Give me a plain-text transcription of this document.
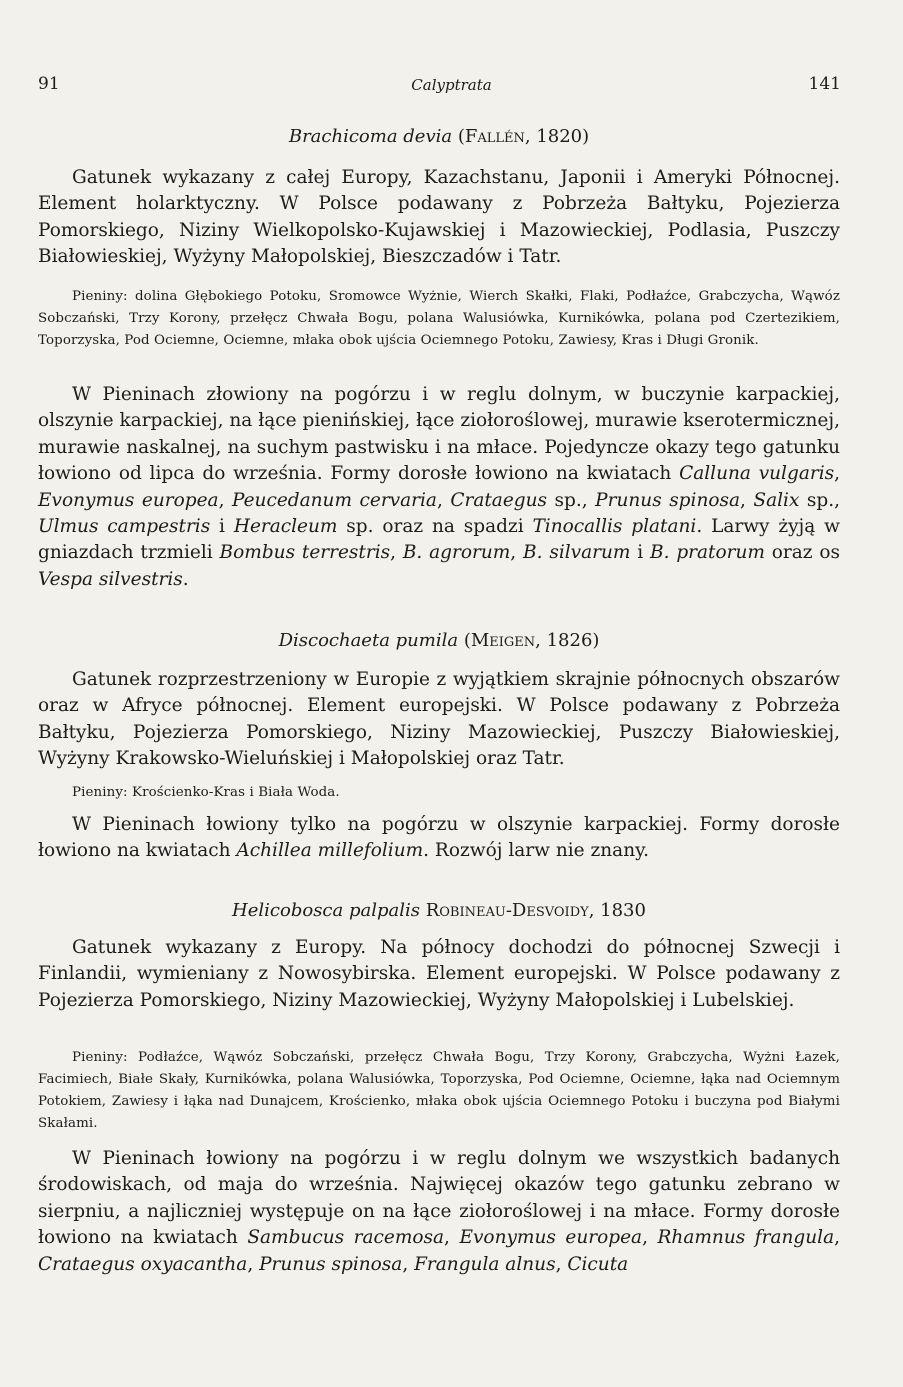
91	Calyptrata	141
Brachicoma devia (Fallén, 1820)

Gatunek wykazany z całej Europy, Kazachstanu, Japonii i Ameryki Północnej. Element holarktyczny. W Polsce podawany z Pobrzeża Bałtyku, Pojezierza Pomorskiego, Niziny Wielkopolsko-Kujawskiej i Mazowieckiej, Podlasia, Puszczy Białowieskiej, Wyżyny Małopolskiej, Bieszczadów i Tatr.

Pieniny: dolina Głębokiego Potoku, Sromowce Wyżnie, Wierch Skałki, Flaki, Podłaźce, Grabczycha, Wąwóz Sobczański, Trzy Korony, przełęcz Chwała Bogu, polana Walusiówka, Kurnikówka, polana pod Czertezikiem, Toporzyska, Pod Ociemne, Ociemne, młaka obok ujścia Ociemnego Potoku, Zawiesy, Kras i Długi Gronik.

W Pieninach złowiony na pogórzu i w reglu dolnym, w buczynie karpackiej, olszynie karpackiej, na łące pienińskiej, łące ziołoroślowej, murawie kserotermicznej, murawie naskalnej, na suchym pastwisku i na młace. Pojedyncze okazy tego gatunku łowiono od lipca do września. Formy dorosłe łowiono na kwiatach Calluna vulgaris, Evonymus europea, Peucedanum cervaria, Crataegus sp., Prunus spinosa, Salix sp., Ulmus campestris i Heracleum sp. oraz na spadzi Tinocallis platani. Larwy żyją w gniazdach trzmieli Bombus terrestris, B. agrorum, B. silvarum i B. pratorum oraz os Vespa silvestris.

Discochaeta pumila (Meigen, 1826)

Gatunek rozprzestrzeniony w Europie z wyjątkiem skrajnie północnych obszarów oraz w Afryce północnej. Element europejski. W Polsce podawany z Pobrzeża Bałtyku, Pojezierza Pomorskiego, Niziny Mazowieckiej, Puszczy Białowieskiej, Wyżyny Krakowsko-Wieluńskiej i Małopolskiej oraz Tatr.

Pieniny: Krościenko-Kras i Biała Woda.

W Pieninach łowiony tylko na pogórzu w olszynie karpackiej. Formy dorosłe łowiono na kwiatach Achillea millefolium. Rozwój larw nie znany.

Helicobosca palpalis Robineau-Desvoidy, 1830

Gatunek wykazany z Europy. Na północy dochodzi do północnej Szwecji i Finlandii, wymieniany z Nowosybirska. Element europejski. W Polsce podawany z Pojezierza Pomorskiego, Niziny Mazowieckiej, Wyżyny Małopolskiej i Lubelskiej.

Pieniny: Podłaźce, Wąwóz Sobczański, przełęcz Chwała Bogu, Trzy Korony, Grabczycha, Wyżni Łazek, Facimiech, Białe Skały, Kurnikówka, polana Walusiówka, Toporzyska, Pod Ociemne, Ociemne, łąka nad Ociemnym Potokiem, Zawiesy i łąka nad Dunajcem, Krościenko, młaka obok ujścia Ociemnego Potoku i buczyna pod Białymi Skałami.

W Pieninach łowiony na pogórzu i w reglu dolnym we wszystkich badanych środowiskach, od maja do września. Najwięcej okazów tego gatunku zebrano w sierpniu, a najliczniej występuje on na łące ziołoroślowej i na młace. Formy dorosłe łowiono na kwiatach Sambucus racemosa, Evonymus europea, Rhamnus frangula, Crataegus oxyacantha, Prunus spinosa, Frangula alnus, Cicuta
